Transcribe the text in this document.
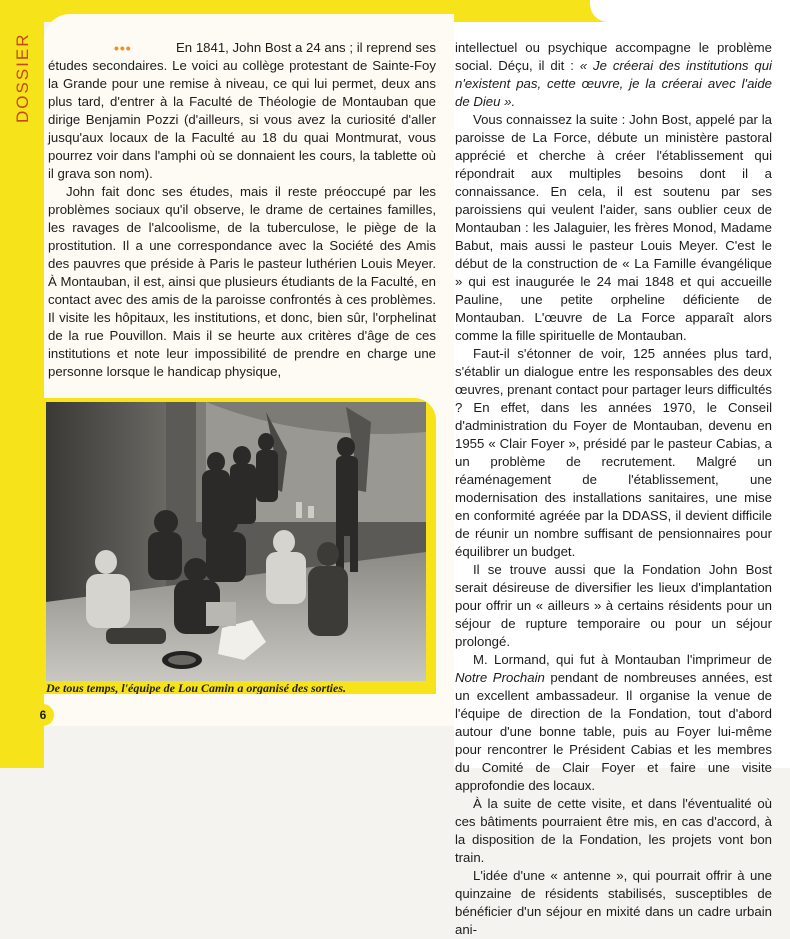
DOSSIER	•••	En 1841, John Bost a 24 ans ; il reprend ses études secondaires. Le voici au collège protestant de Sainte-Foy la Grande pour une remise à niveau, ce qui lui permet, deux ans plus tard, d'entrer à la Faculté de Théologie de Montauban que dirige Benjamin Pozzi (d'ailleurs, si vous avez la curiosité d'aller jusqu'aux locaux de la Faculté au 18 du quai Montmurat, vous pourrez voir dans l'amphi où se donnaient les cours, la tablette où il grava son nom).

John fait donc ses études, mais il reste préoccupé par les problèmes sociaux qu'il observe, le drame de certaines familles, les ravages de l'alcoolisme, de la tuberculose, le piège de la prostitution. Il a une correspondance avec la Société des Amis des pauvres que préside à Paris le pasteur luthérien Louis Meyer. À Montauban, il est, ainsi que plusieurs étudiants de la Faculté, en contact avec des amis de la paroisse confrontés à ces problèmes. Il visite les hôpitaux, les institutions, et donc, bien sûr, l'orphelinat de la rue Pouvillon. Mais il se heurte aux critères d'âge de ces institutions et note leur impossibilité de prendre en charge une personne lorsque le handicap physique,

De tous temps, l'équipe de Lou Camin a organisé des sorties.

intellectuel ou psychique accompagne le problème social. Déçu, il dit : « Je créerai des institutions qui n'existent pas, cette œuvre, je la créerai avec l'aide de Dieu ».

Vous connaissez la suite : John Bost, appelé par la paroisse de La Force, débute un ministère pastoral apprécié et cherche à créer l'établissement qui répondrait aux multiples besoins dont il a connaissance. En cela, il est soutenu par ses paroissiens qui veulent l'aider, sans oublier ceux de Montauban : les Jalaguier, les frères Monod, Madame Babut, mais aussi le pasteur Louis Meyer. C'est le début de la construction de « La Famille évangélique » qui est inaugurée le 24 mai 1848 et qui accueille Pauline, une petite orpheline déficiente de Montauban. L'œuvre de La Force apparaît alors comme la fille spirituelle de Montauban.

Faut-il s'étonner de voir, 125 années plus tard, s'établir un dialogue entre les responsables des deux œuvres, prenant contact pour partager leurs difficultés ? En effet, dans les années 1970, le Conseil d'administration du Foyer de Montauban, devenu en 1955 « Clair Foyer », présidé par le pasteur Cabias, a un problème de recrutement. Malgré un réaménagement de l'établissement, une modernisation des installations sanitaires, une mise en conformité agréée par la DDASS, il devient difficile de réunir un nombre suffisant de pensionnaires pour équilibrer un budget.

Il se trouve aussi que la Fondation John Bost serait désireuse de diversifier les lieux d'implantation pour offrir un « ailleurs » à certains résidents pour un séjour de rupture temporaire ou pour un séjour prolongé.

M. Lormand, qui fut à Montauban l'imprimeur de Notre Prochain pendant de nombreuses années, est un excellent ambassadeur. Il organise la venue de l'équipe de direction de la Fondation, tout d'abord autour d'une bonne table, puis au Foyer lui-même pour rencontrer le Président Cabias et les membres du Comité de Clair Foyer et faire une visite approfondie des locaux.

À la suite de cette visite, et dans l'éventualité où ces bâtiments pourraient être mis, en cas d'accord, à la disposition de la Fondation, les projets vont bon train.

L'idée d'une « antenne », qui pourrait offrir à une quinzaine de résidents stabilisés, susceptibles de bénéficier d'un séjour en mixité dans un cadre urbain ani-

6
